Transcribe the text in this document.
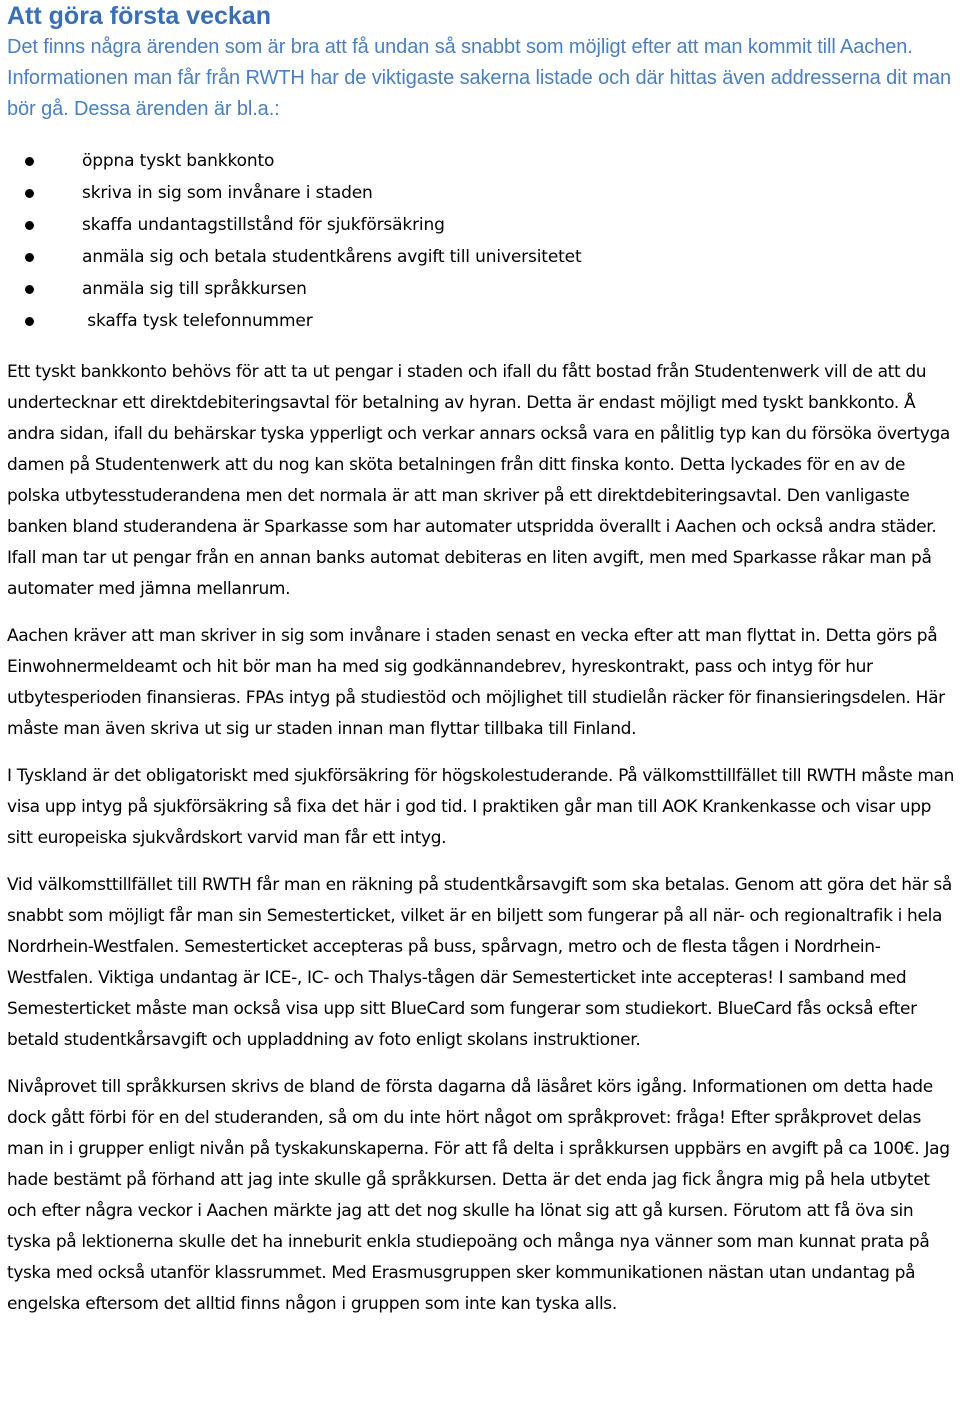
Att göra första veckan

Det finns några ärenden som är bra att få undan så snabbt som möjligt efter att man kommit till Aachen. Informationen man får från RWTH har de viktigaste sakerna listade och där hittas även addresserna dit man bör gå. Dessa ärenden är bl.a.:

öppna tyskt bankkonto
skriva in sig som invånare i staden
skaffa undantagstillstånd för sjukförsäkring
anmäla sig och betala studentkårens avgift till universitetet
anmäla sig till språkkursen
skaffa tysk telefonnummer

Ett tyskt bankkonto behövs för att ta ut pengar i staden och ifall du fått bostad från Studentenwerk vill de att du undertecknar ett direktdebiteringsavtal för betalning av hyran. Detta är endast möjligt med tyskt bankkonto. Å andra sidan, ifall du behärskar tyska ypperligt och verkar annars också vara en pålitlig typ kan du försöka övertyga damen på Studentenwerk att du nog kan sköta betalningen från ditt finska konto. Detta lyckades för en av de polska utbytesstuderandena men det normala är att man skriver på ett direktdebiteringsavtal. Den vanligaste banken bland studerandena är Sparkasse som har automater utspridda överallt i Aachen och också andra städer. Ifall man tar ut pengar från en annan banks automat debiteras en liten avgift, men med Sparkasse råkar man på automater med jämna mellanrum.

Aachen kräver att man skriver in sig som invånare i staden senast en vecka efter att man flyttat in. Detta görs på Einwohnermeldeamt och hit bör man ha med sig godkännandebrev, hyreskontrakt, pass och intyg för hur utbytesperioden finansieras. FPAs intyg på studiestöd och möjlighet till studielån räcker för finansieringsdelen. Här måste man även skriva ut sig ur staden innan man flyttar tillbaka till Finland.

I Tyskland är det obligatoriskt med sjukförsäkring för högskolestuderande. På välkomsttillfället till RWTH måste man visa upp intyg på sjukförsäkring så fixa det här i god tid. I praktiken går man till AOK Krankenkasse och visar upp sitt europeiska sjukvårdskort varvid man får ett intyg.

Vid välkomsttillfället till RWTH får man en räkning på studentkårsavgift som ska betalas. Genom att göra det här så snabbt som möjligt får man sin Semesterticket, vilket är en biljett som fungerar på all när- och regionaltrafik i hela Nordrhein-Westfalen. Semesterticket accepteras på buss, spårvagn, metro och de flesta tågen i Nordrhein-Westfalen. Viktiga undantag är ICE-, IC- och Thalys-tågen där Semesterticket inte accepteras! I samband med Semesterticket måste man också visa upp sitt BlueCard som fungerar som studiekort. BlueCard fås också efter betald studentkårsavgift och uppladdning av foto enligt skolans instruktioner.

Nivåprovet till språkkursen skrivs de bland de första dagarna då läsåret körs igång. Informationen om detta hade dock gått förbi för en del studeranden, så om du inte hört något om språkprovet: fråga! Efter språkprovet delas man in i grupper enligt nivån på tyskakunskaperna. För att få delta i språkkursen uppbärs en avgift på ca 100€. Jag hade bestämt på förhand att jag inte skulle gå språkkursen. Detta är det enda jag fick ångra mig på hela utbytet och efter några veckor i Aachen märkte jag att det nog skulle ha lönat sig att gå kursen. Förutom att få öva sin tyska på lektionerna skulle det ha inneburit enkla studiepoäng och många nya vänner som man kunnat prata på tyska med också utanför klassrummet. Med Erasmusgruppen sker kommunikationen nästan utan undantag på engelska eftersom det alltid finns någon i gruppen som inte kan tyska alls.
